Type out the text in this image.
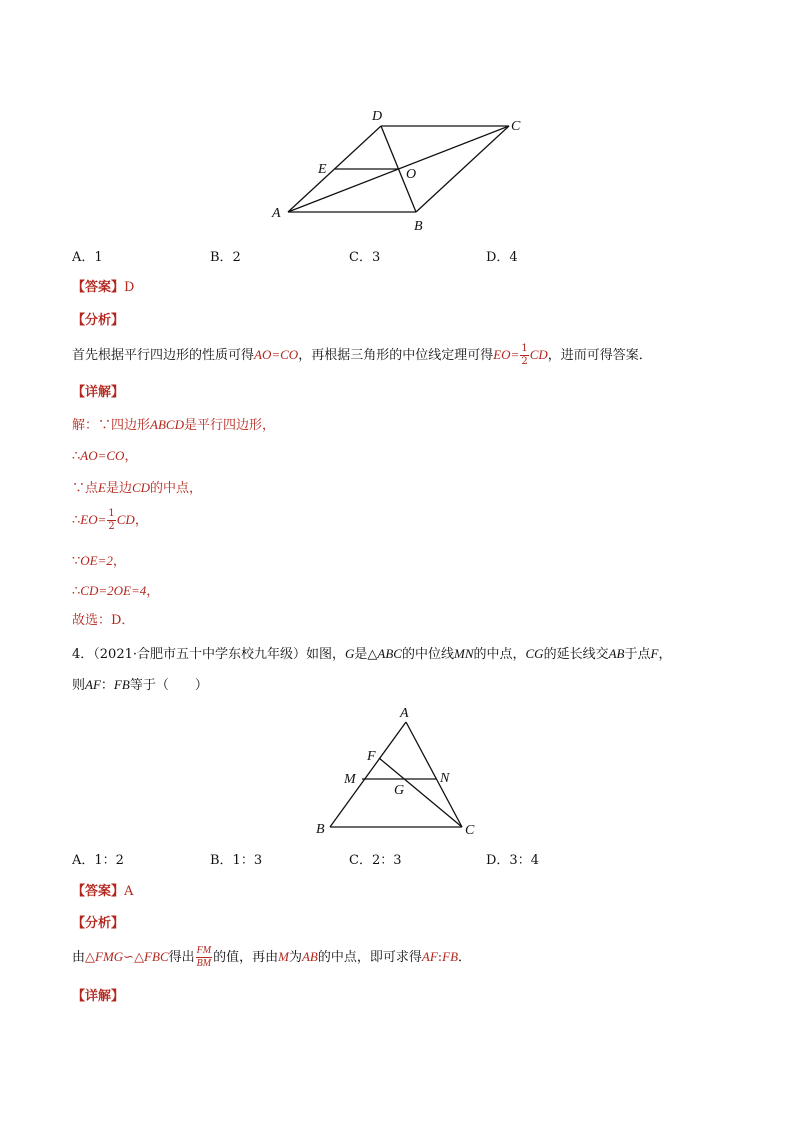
D
C
E	O
A
B
A．1	B．2	C．3	D．4
【答案】D
【分析】
首先根据平行四边形的性质可得AO=CO，再根据三角形的中位线定理可得$EO= \frac{1}{2}$ CD，进而可得答案．
【详解】
解：∵四边形ABCD是平行四边形，
∴AO=CO，
∵点E是边CD的中点，
∴EO= $\frac{1}{2}$ CD，
∵OE=2，
∴CD=2OE=4，
故选：D．
4．（2021·合肥市五十中学东校九年级）如图，G是△ABC的中位线MN的中点，CG的延长线交AB于点F，
则AF：FB等于（　　）
A
F
M	N
G
B	C
A．1：2	B．1：3	C．2：3	D．3：4
【答案】A
【分析】
由△FMG∽△FBC得出 $\frac{FM}{BM}$ 的值，再由M为AB的中点，即可求得AF:FB．
【详解】
